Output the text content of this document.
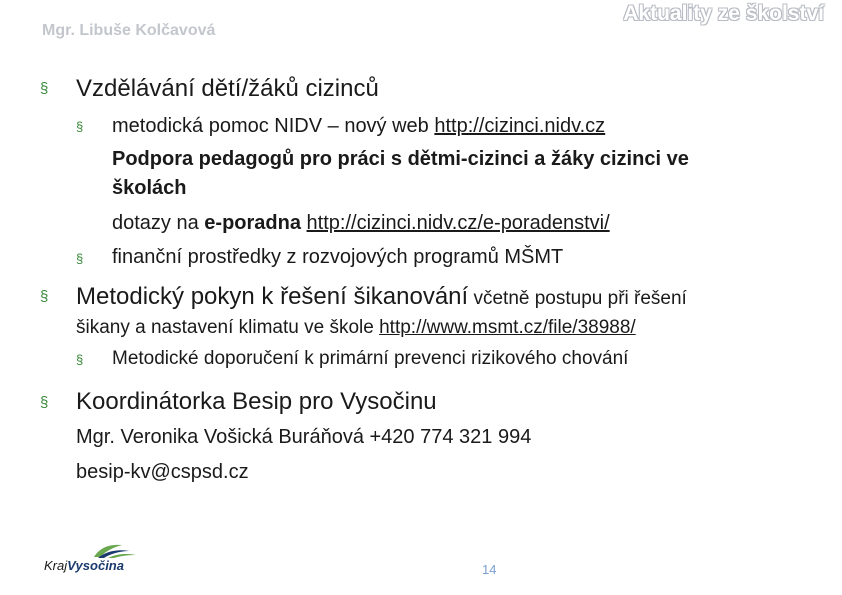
Mgr. Libuše Kolčavová
Aktuality ze školství
§ Vzdělávání dětí/žáků cizinců
§ metodická pomoc NIDV – nový web http://cizinci.nidv.cz
Podpora pedagogů pro práci s dětmi-cizinci a žáky cizinci ve
školách
dotazy na e-poradna http://cizinci.nidv.cz/e-poradenstvi/
§ finanční prostředky z rozvojových programů MŠMT
§ Metodický pokyn k řešení šikanování včetně postupu při řešení
šikany a nastavení klimatu ve škole http://www.msmt.cz/file/38988/
§ Metodické doporučení k primární prevenci rizikového chování
§ Koordinátorka Besip pro Vysočinu
Mgr. Veronika Vošická Buráňová +420 774 321 994
besip-kv@cspsd.cz
KrajVysočina	14
